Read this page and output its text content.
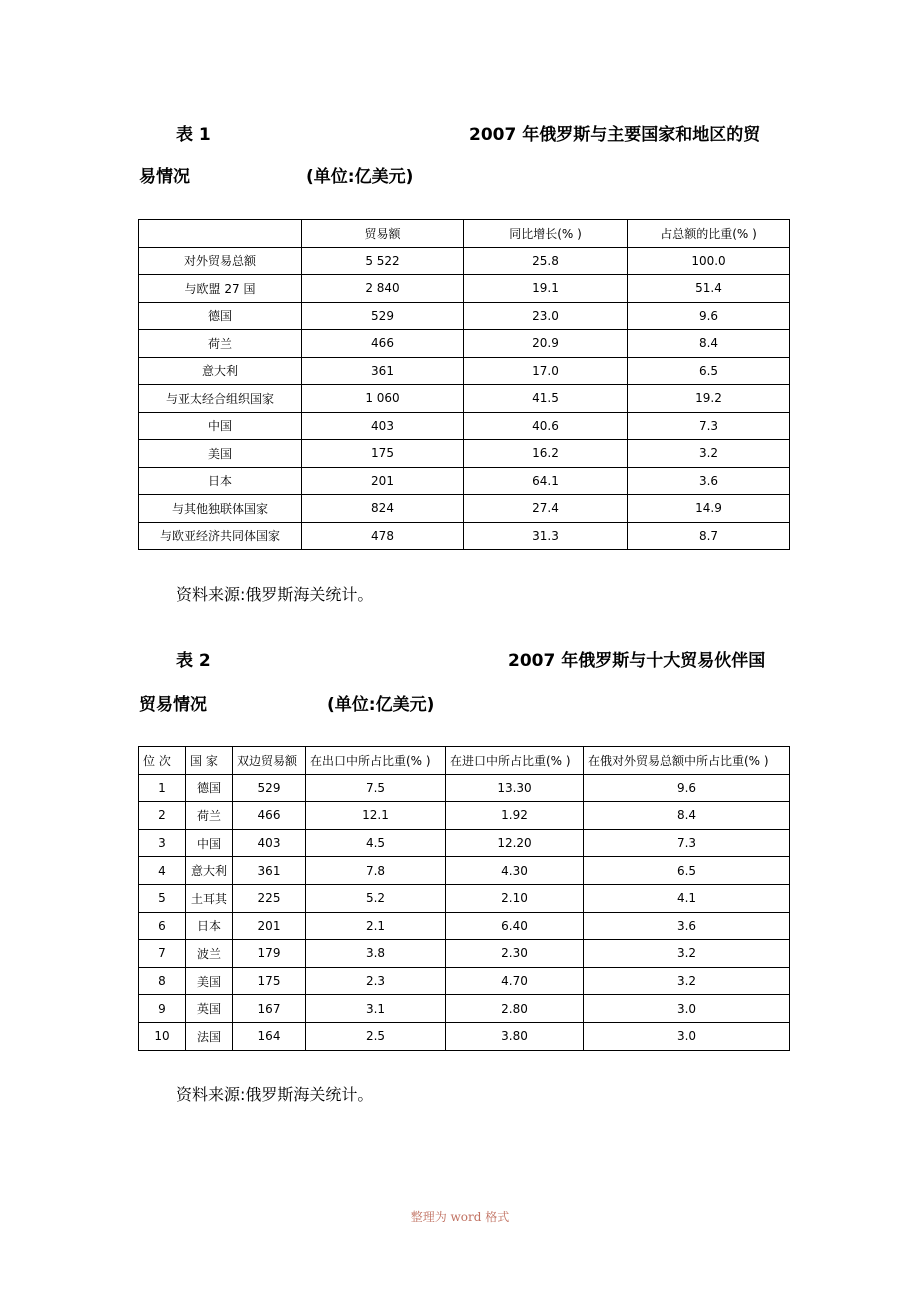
表 1	2007 年俄罗斯与主要国家和地区的贸
易情况	(单位:亿美元)
	贸易额	同比增长(% )	占总额的比重(% )
对外贸易总额	5 522	25.8	100.0
与欧盟 27 国	2 840	19.1	51.4
德国	529	23.0	9.6
荷兰	466	20.9	8.4
意大利	361	17.0	6.5
与亚太经合组织国家	1 060	41.5	19.2
中国	403	40.6	7.3
美国	175	16.2	3.2
日本	201	64.1	3.6
与其他独联体国家	824	27.4	14.9
与欧亚经济共同体国家	478	31.3	8.7
资料来源:俄罗斯海关统计。
表 2	2007 年俄罗斯与十大贸易伙伴国
贸易情况	(单位:亿美元)
位 次	国 家	双边贸易额	在出口中所占比重(% )	在进口中所占比重(% )	在俄对外贸易总额中所占比重(% )
1	德国	529	7.5	13.30	9.6
2	荷兰	466	12.1	1.92	8.4
3	中国	403	4.5	12.20	7.3
4	意大利	361	7.8	4.30	6.5
5	土耳其	225	5.2	2.10	4.1
6	日本	201	2.1	6.40	3.6
7	波兰	179	3.8	2.30	3.2
8	美国	175	2.3	4.70	3.2
9	英国	167	3.1	2.80	3.0
10	法国	164	2.5	3.80	3.0
资料来源:俄罗斯海关统计。
整理为 word 格式
